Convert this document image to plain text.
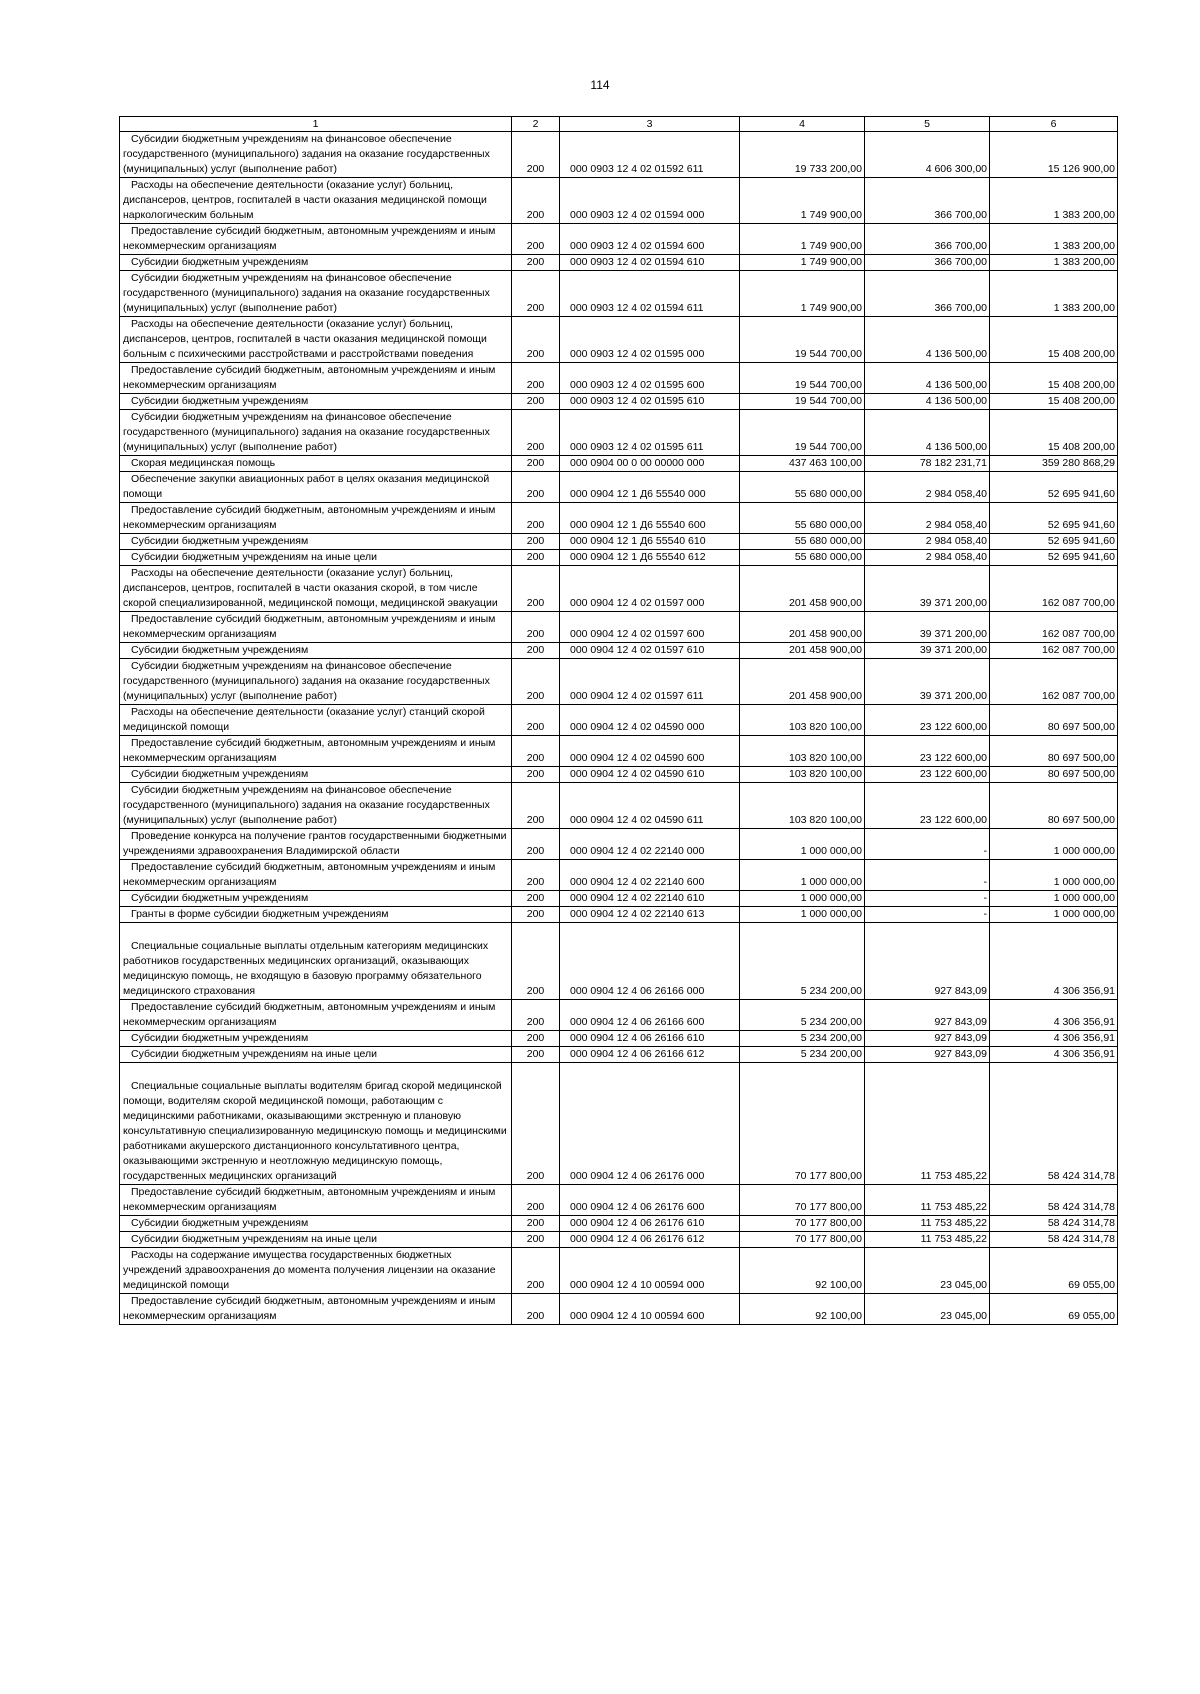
114
1	2	3	4	5	6

Субсидии бюджетным учреждениям на финансовое обеспечение государственного (муниципального) задания на оказание государственных (муниципальных) услуг (выполнение работ)	200	000 0903 12 4 02 01592 611	19 733 200,00	4 606 300,00	15 126 900,00

Расходы на обеспечение деятельности (оказание услуг) больниц, диспансеров, центров, госпиталей в части оказания медицинской помощи наркологическим больным	200	000 0903 12 4 02 01594 000	1 749 900,00	366 700,00	1 383 200,00

Предоставление субсидий бюджетным, автономным учреждениям и иным некоммерческим организациям	200	000 0903 12 4 02 01594 600	1 749 900,00	366 700,00	1 383 200,00

Субсидии бюджетным учреждениям	200	000 0903 12 4 02 01594 610	1 749 900,00	366 700,00	1 383 200,00

Субсидии бюджетным учреждениям на финансовое обеспечение государственного (муниципального) задания на оказание государственных (муниципальных) услуг (выполнение работ)	200	000 0903 12 4 02 01594 611	1 749 900,00	366 700,00	1 383 200,00

Расходы на обеспечение деятельности (оказание услуг) больниц, диспансеров, центров, госпиталей в части оказания медицинской помощи больным с психическими расстройствами и расстройствами поведения	200	000 0903 12 4 02 01595 000	19 544 700,00	4 136 500,00	15 408 200,00

Предоставление субсидий бюджетным, автономным учреждениям и иным некоммерческим организациям	200	000 0903 12 4 02 01595 600	19 544 700,00	4 136 500,00	15 408 200,00

Субсидии бюджетным учреждениям	200	000 0903 12 4 02 01595 610	19 544 700,00	4 136 500,00	15 408 200,00

Субсидии бюджетным учреждениям на финансовое обеспечение государственного (муниципального) задания на оказание государственных (муниципальных) услуг (выполнение работ)	200	000 0903 12 4 02 01595 611	19 544 700,00	4 136 500,00	15 408 200,00

Скорая медицинская помощь	200	000 0904 00 0 00 00000 000	437 463 100,00	78 182 231,71	359 280 868,29

Обеспечение закупки авиационных работ в целях оказания медицинской помощи	200	000 0904 12 1 Д6 55540 000	55 680 000,00	2 984 058,40	52 695 941,60

Предоставление субсидий бюджетным, автономным учреждениям и иным некоммерческим организациям	200	000 0904 12 1 Д6 55540 600	55 680 000,00	2 984 058,40	52 695 941,60

Субсидии бюджетным учреждениям	200	000 0904 12 1 Д6 55540 610	55 680 000,00	2 984 058,40	52 695 941,60

Субсидии бюджетным учреждениям на иные цели	200	000 0904 12 1 Д6 55540 612	55 680 000,00	2 984 058,40	52 695 941,60

Расходы на обеспечение деятельности (оказание услуг) больниц, диспансеров, центров, госпиталей в части оказания скорой, в том числе скорой специализированной, медицинской помощи, медицинской эвакуации	200	000 0904 12 4 02 01597 000	201 458 900,00	39 371 200,00	162 087 700,00

Предоставление субсидий бюджетным, автономным учреждениям и иным некоммерческим организациям	200	000 0904 12 4 02 01597 600	201 458 900,00	39 371 200,00	162 087 700,00

Субсидии бюджетным учреждениям	200	000 0904 12 4 02 01597 610	201 458 900,00	39 371 200,00	162 087 700,00

Субсидии бюджетным учреждениям на финансовое обеспечение государственного (муниципального) задания на оказание государственных (муниципальных) услуг (выполнение работ)	200	000 0904 12 4 02 01597 611	201 458 900,00	39 371 200,00	162 087 700,00

Расходы на обеспечение деятельности (оказание услуг) станций скорой медицинской помощи	200	000 0904 12 4 02 04590 000	103 820 100,00	23 122 600,00	80 697 500,00

Предоставление субсидий бюджетным, автономным учреждениям и иным некоммерческим организациям	200	000 0904 12 4 02 04590 600	103 820 100,00	23 122 600,00	80 697 500,00

Субсидии бюджетным учреждениям	200	000 0904 12 4 02 04590 610	103 820 100,00	23 122 600,00	80 697 500,00

Субсидии бюджетным учреждениям на финансовое обеспечение государственного (муниципального) задания на оказание государственных (муниципальных) услуг (выполнение работ)	200	000 0904 12 4 02 04590 611	103 820 100,00	23 122 600,00	80 697 500,00

Проведение конкурса на получение грантов государственными бюджетными учреждениями здравоохранения Владимирской области	200	000 0904 12 4 02 22140 000	1 000 000,00	-	1 000 000,00

Предоставление субсидий бюджетным, автономным учреждениям и иным некоммерческим организациям	200	000 0904 12 4 02 22140 600	1 000 000,00	-	1 000 000,00

Субсидии бюджетным учреждениям	200	000 0904 12 4 02 22140 610	1 000 000,00	-	1 000 000,00

Гранты в форме субсидии бюджетным учреждениям	200	000 0904 12 4 02 22140 613	1 000 000,00	-	1 000 000,00

Специальные социальные выплаты отдельным категориям медицинских работников государственных медицинских организаций, оказывающих медицинскую помощь, не входящую в базовую программу обязательного медицинского страхования	200	000 0904 12 4 06 26166 000	5 234 200,00	927 843,09	4 306 356,91

Предоставление субсидий бюджетным, автономным учреждениям и иным некоммерческим организациям	200	000 0904 12 4 06 26166 600	5 234 200,00	927 843,09	4 306 356,91

Субсидии бюджетным учреждениям	200	000 0904 12 4 06 26166 610	5 234 200,00	927 843,09	4 306 356,91

Субсидии бюджетным учреждениям на иные цели	200	000 0904 12 4 06 26166 612	5 234 200,00	927 843,09	4 306 356,91

Специальные социальные выплаты водителям бригад скорой медицинской помощи, водителям скорой медицинской помощи, работающим с медицинскими работниками, оказывающими экстренную и плановую консультативную специализированную медицинскую помощь и медицинскими работниками акушерского дистанционного консультативного центра, оказывающими экстренную и неотложную медицинскую помощь, государственных медицинских организаций	200	000 0904 12 4 06 26176 000	70 177 800,00	11 753 485,22	58 424 314,78

Предоставление субсидий бюджетным, автономным учреждениям и иным некоммерческим организациям	200	000 0904 12 4 06 26176 600	70 177 800,00	11 753 485,22	58 424 314,78

Субсидии бюджетным учреждениям	200	000 0904 12 4 06 26176 610	70 177 800,00	11 753 485,22	58 424 314,78

Субсидии бюджетным учреждениям на иные цели	200	000 0904 12 4 06 26176 612	70 177 800,00	11 753 485,22	58 424 314,78

Расходы на содержание имущества государственных бюджетных учреждений здравоохранения до момента получения лицензии на оказание медицинской помощи	200	000 0904 12 4 10 00594 000	92 100,00	23 045,00	69 055,00

Предоставление субсидий бюджетным, автономным учреждениям и иным некоммерческим организациям	200	000 0904 12 4 10 00594 600	92 100,00	23 045,00	69 055,00
